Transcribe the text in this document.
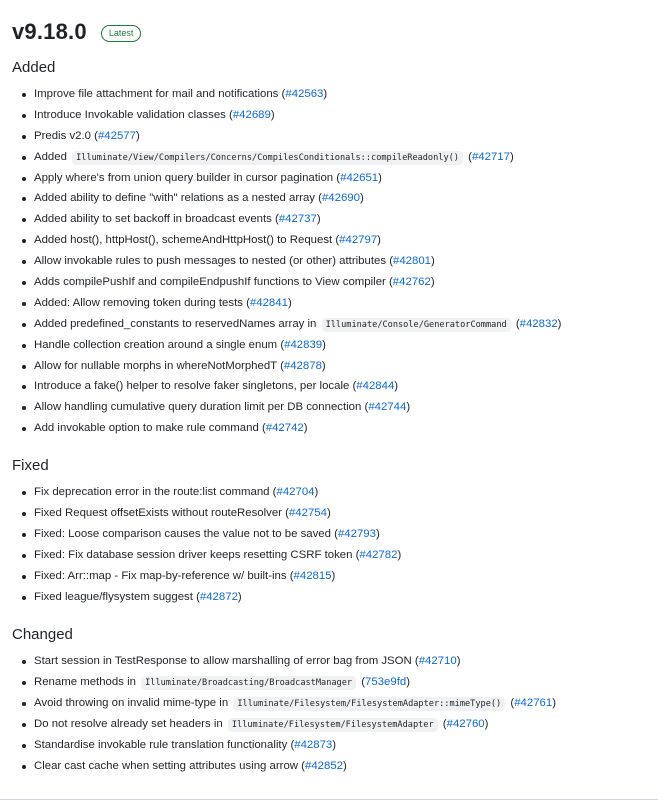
v9.18.0	Latest
Added
Improve file attachment for mail and notifications (#42563)
Introduce Invokable validation classes (#42689)
Predis v2.0 (#42577)
Added Illuminate/View/Compilers/Concerns/CompilesConditionals::compileReadonly() (#42717)
Apply where's from union query builder in cursor pagination (#42651)
Added ability to define "with" relations as a nested array (#42690)
Added ability to set backoff in broadcast events (#42737)
Added host(), httpHost(), schemeAndHttpHost() to Request (#42797)
Allow invokable rules to push messages to nested (or other) attributes (#42801)
Adds compilePushIf and compileEndpushIf functions to View compiler (#42762)
Added: Allow removing token during tests (#42841)
Added predefined_constants to reservedNames array in Illuminate/Console/GeneratorCommand (#42832)
Handle collection creation around a single enum (#42839)
Allow for nullable morphs in whereNotMorphedT (#42878)
Introduce a fake() helper to resolve faker singletons, per locale (#42844)
Allow handling cumulative query duration limit per DB connection (#42744)
Add invokable option to make rule command (#42742)
Fixed
Fix deprecation error in the route:list command (#42704)
Fixed Request offsetExists without routeResolver (#42754)
Fixed: Loose comparison causes the value not to be saved (#42793)
Fixed: Fix database session driver keeps resetting CSRF token (#42782)
Fixed: Arr::map - Fix map-by-reference w/ built-ins (#42815)
Fixed league/flysystem suggest (#42872)
Changed
Start session in TestResponse to allow marshalling of error bag from JSON (#42710)
Rename methods in Illuminate/Broadcasting/BroadcastManager (753e9fd)
Avoid throwing on invalid mime-type in Illuminate/Filesystem/FilesystemAdapter::mimeType() (#42761)
Do not resolve already set headers in Illuminate/Filesystem/FilesystemAdapter (#42760)
Standardise invokable rule translation functionality (#42873)
Clear cast cache when setting attributes using arrow (#42852)
